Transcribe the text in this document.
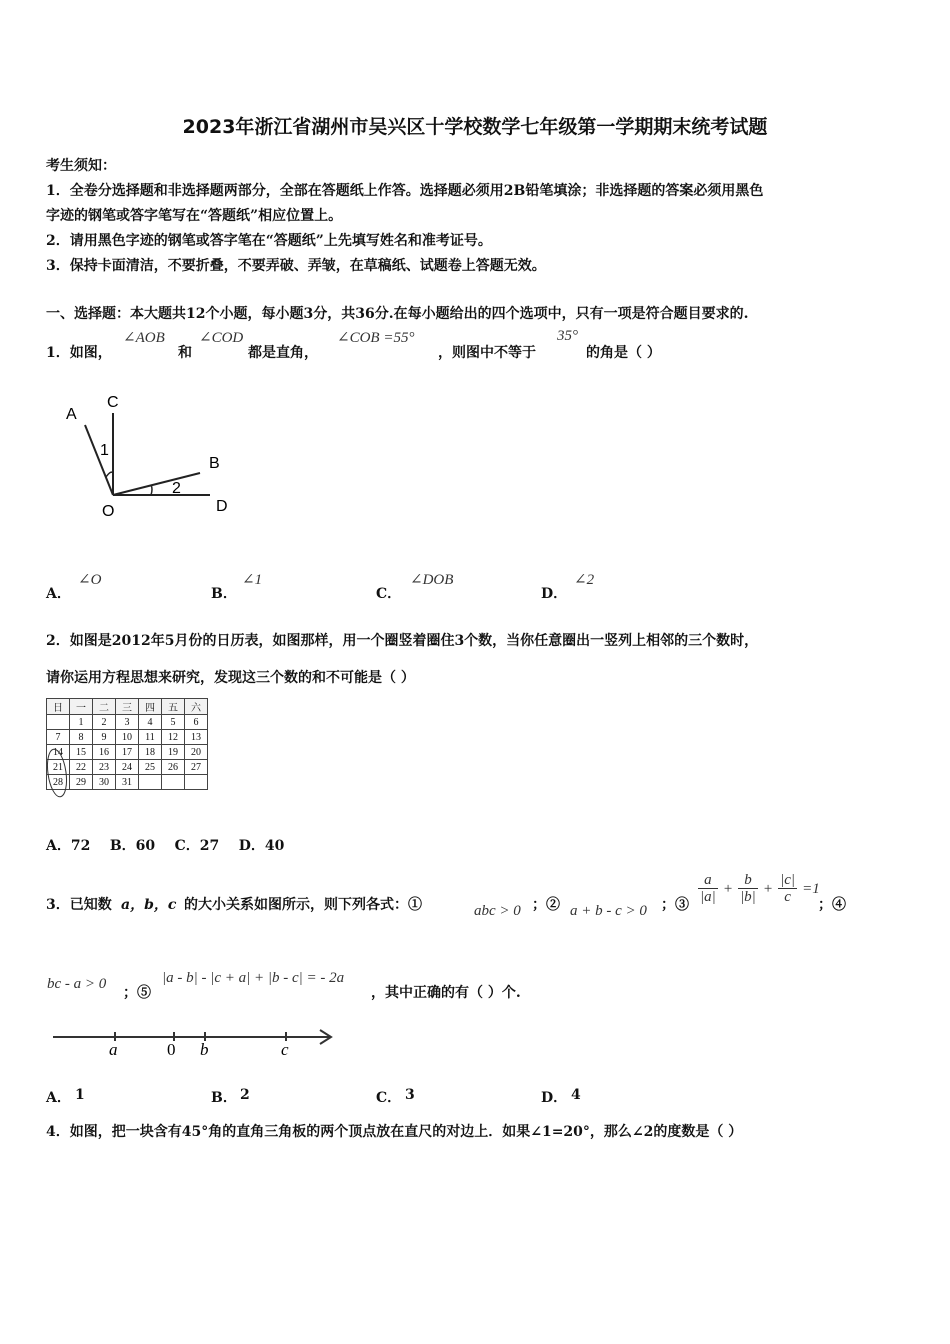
2023年浙江省湖州市吴兴区十学校数学七年级第一学期期末统考试题
考生须知：
1．全卷分选择题和非选择题两部分，全部在答题纸上作答。选择题必须用2B铅笔填涂；非选择题的答案必须用黑色
字迹的钢笔或答字笔写在“答题纸”相应位置上。
2．请用黑色字迹的钢笔或答字笔在“答题纸”上先填写姓名和准考证号。
3．保持卡面清洁，不要折叠，不要弄破、弄皱，在草稿纸、试题卷上答题无效。
一、选择题：本大题共12个小题，每小题3分，共36分.在每小题给出的四个选项中，只有一项是符合题目要求的.
1．如图，
∠AOB
和
∠COD
都是直角，
∠COB =55°
，则图中不等于
35°
的角是（ ）
A
C
B
O	D
1
2
A．
∠O
B．
∠1
C．
∠DOB
D．
∠2
2．如图是2012年5月份的日历表，如图那样，用一个圈竖着圈住3个数，当你任意圈出一竖列上相邻的三个数时，
请你运用方程思想来研究，发现这三个数的和不可能是（ ）
日	一	二	三	四	五	六
	1	2	3	4	5	6
7	8	9	10	11	12	13
14	15	16	17	18	19	20
21	22	23	24	25	26	27
28	29	30	31			
A．72    B．60    C．27    D．40
3．已知数 a，b，c 的大小关系如图所示，则下列各式：①	abc > 0 ；② a + b - c > 0 ；③ $\frac{a}{|a|} + \frac{b}{|b|} + \frac{|c|}{c} =1$
；④
bc - a > 0
；⑤
|a - b| - |c + a| + |b - c| = - 2a
，其中正确的有（ ）个.
a	0 b	c
A． 1	B． 2	C． 3	D． 4
4．如图，把一块含有45°角的直角三角板的两个顶点放在直尺的对边上．如果∠1=20°，那么∠2的度数是（ ）
